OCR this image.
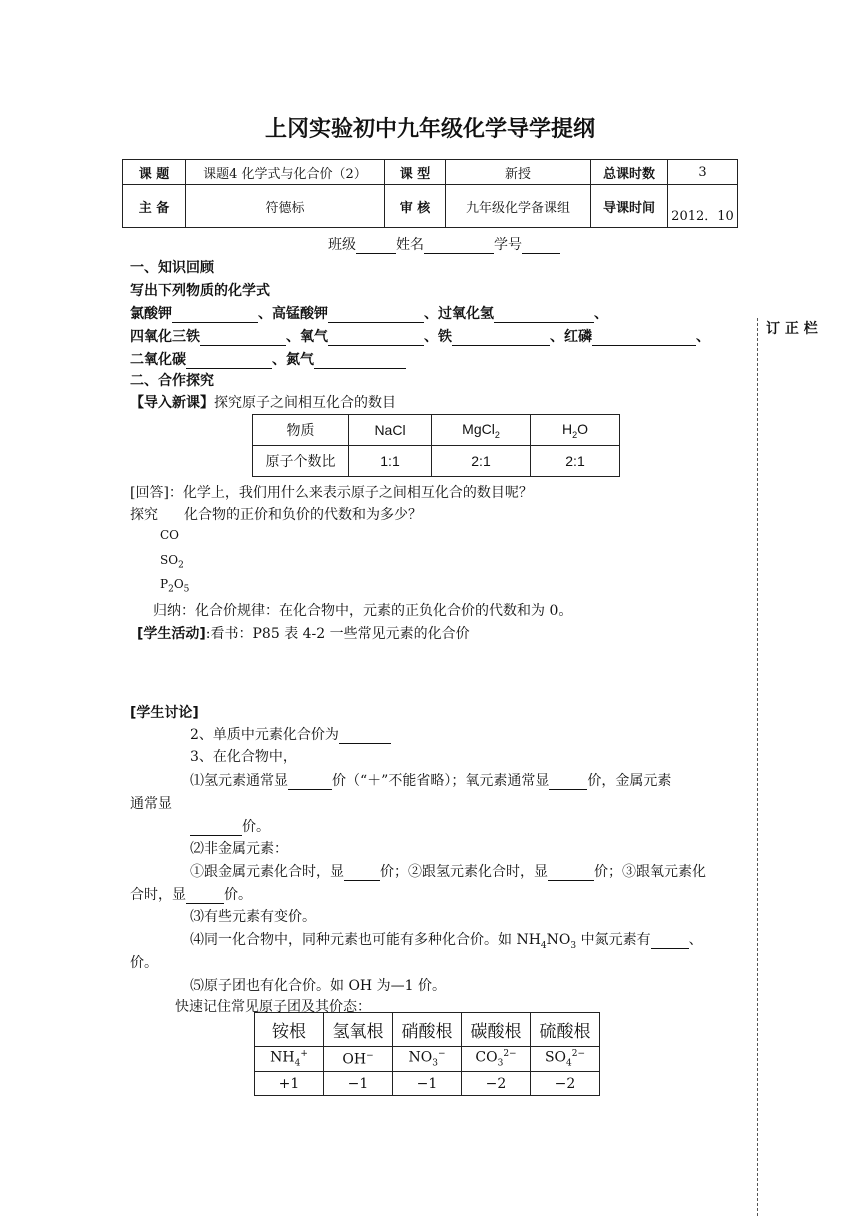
上冈实验初中九年级化学导学提纲
课 题	课题4 化学式与化合价（2）	课 型	新授	总课时数	3
主 备	符德标	审 核	九年级化学备课组	导课时间	2012．10
班级	姓名	学号
订 正 栏
一、知识回顾
写出下列物质的化学式
氯酸钾	、高锰酸钾	、过氧化氢	、
四氧化三铁	、氧气	、铁	、红磷	、
二氧化碳	、氮气
二、合作探究
【导入新课】探究原子之间相互化合的数目
物质	NaCl	MgCl$_2$	$H_2O$
原子个数比	1:1	2:1	2:1
[回答]：化学上，我们用什么来表示原子之间相互化合的数目呢？
探究 化合物的正价和负价的代数和为多少？
CO
$SO_2$
$P_2O_5$
归纳：化合价规律：在化合物中，元素的正负化合价的代数和为 0。
[学生活动]:看书：P85 表 4-2 一些常见元素的化合价
[学生讨论]
2、单质中元素化合价为
3、在化合物中，
⑴氢元素通常显	价（“＋”不能省略）；氧元素通常显	价，金属元素
通常显
价。
⑵非金属元素：
①跟金属元素化合时，显	价；②跟氢元素化合时，显	价；③跟氧元素化
合时，显	价。
⑶有些元素有变价。
⑷同一化合物中，同种元素也可能有多种化合价。如 $NH_4NO_3$ 中氮元素有	、
价。
⑸原子团也有化合价。如 OH 为—1 价。
快速记住常见原子团及其价态：
铵根	氢氧根	硝酸根	碳酸根	硫酸根
$NH_4^+$	OH−	$NO_3^-$	$CO_3^{2-}$	$SO_4^{2-}$
+1	−1	−1	−2	−2
